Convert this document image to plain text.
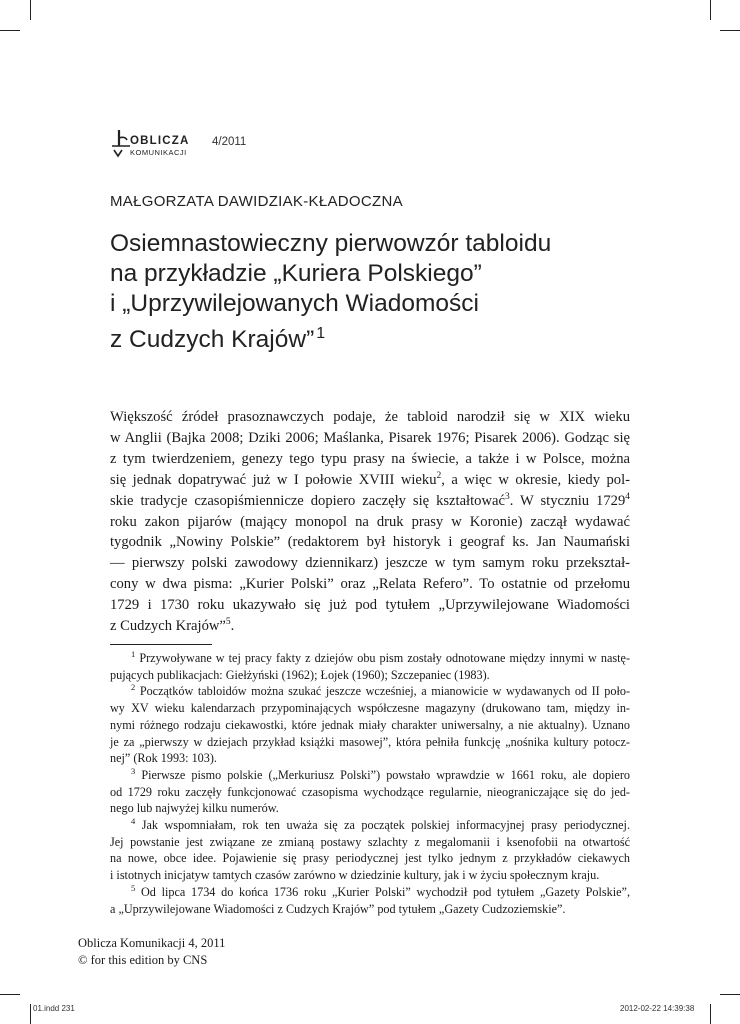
OBLICZA
KOMUNIKACJI
4/2011
MAŁGORZATA DAWIDZIAK-KŁADOCZNA
Osiemnastowieczny pierwowzór tabloidu
na przykładzie „Kuriera Polskiego”
i „Uprzywilejowanych Wiadomości
z Cudzych Krajów” $^1$
Większość źródeł prasoznawczych podaje, że tabloid narodził się w XIX wieku
w Anglii (Bajka 2008; Dziki 2006; Maślanka, Pisarek 1976; Pisarek 2006). Godząc się
z tym twierdzeniem, genezy tego typu prasy na świecie, a także i w Polsce, można
się jednak dopatrywać już w I połowie XVIII wieku$^2$, a więc w okresie, kiedy pol-
skie tradycje czasopiśmiennicze dopiero zaczęły się kształtować$^3$. W styczniu 1729$^4$
roku zakon pijarów (mający monopol na druk prasy w Koronie) zaczął wydawać
tygodnik „Nowiny Polskie” (redaktorem był historyk i geograf ks. Jan Naumański
— pierwszy polski zawodowy dziennikarz) jeszcze w tym samym roku przekształ-
cony w dwa pisma: „Kurier Polski” oraz „Relata Refero”. To ostatnie od przełomu
1729 i 1730 roku ukazywało się już pod tytułem „Uprzywilejowane Wiadomości
z Cudzych Krajów”$^5$.
$^1$ Przywoływane w tej pracy fakty z dziejów obu pism zostały odnotowane między innymi w nastę-
pujących publikacjach: Giełżyński (1962); Łojek (1960); Szczepaniec (1983).
$^2$ Początków tabloidów można szukać jeszcze wcześniej, a mianowicie w wydawanych od II poło-
wy XV wieku kalendarzach przypominających współczesne magazyny (drukowano tam, między in-
nymi różnego rodzaju ciekawostki, które jednak miały charakter uniwersalny, a nie aktualny). Uznano
je za „pierwszy w dziejach przykład książki masowej”, która pełniła funkcję „nośnika kultury potocz-
nej” (Rok 1993: 103).
$^3$ Pierwsze pismo polskie („Merkuriusz Polski”) powstało wprawdzie w 1661 roku, ale dopiero
od 1729 roku zaczęły funkcjonować czasopisma wychodzące regularnie, nieograniczające się do jed-
nego lub najwyżej kilku numerów.
$^4$ Jak wspomniałam, rok ten uważa się za początek polskiej informacyjnej prasy periodycznej.
Jej powstanie jest związane ze zmianą postawy szlachty z megalomanii i ksenofobii na otwartość
na nowe, obce idee. Pojawienie się prasy periodycznej jest tylko jednym z przykładów ciekawych
i istotnych inicjatyw tamtych czasów zarówno w dziedzinie kultury, jak i w życiu społecznym kraju.
$^5$ Od lipca 1734 do końca 1736 roku „Kurier Polski” wychodził pod tytułem „Gazety Polskie”,
a „Uprzywilejowane Wiadomości z Cudzych Krajów” pod tytułem „Gazety Cudzoziemskie”.
Oblicza Komunikacji 4, 2011
© for this edition by CNS
01.indd 231	2012-02-22 14:39:38
